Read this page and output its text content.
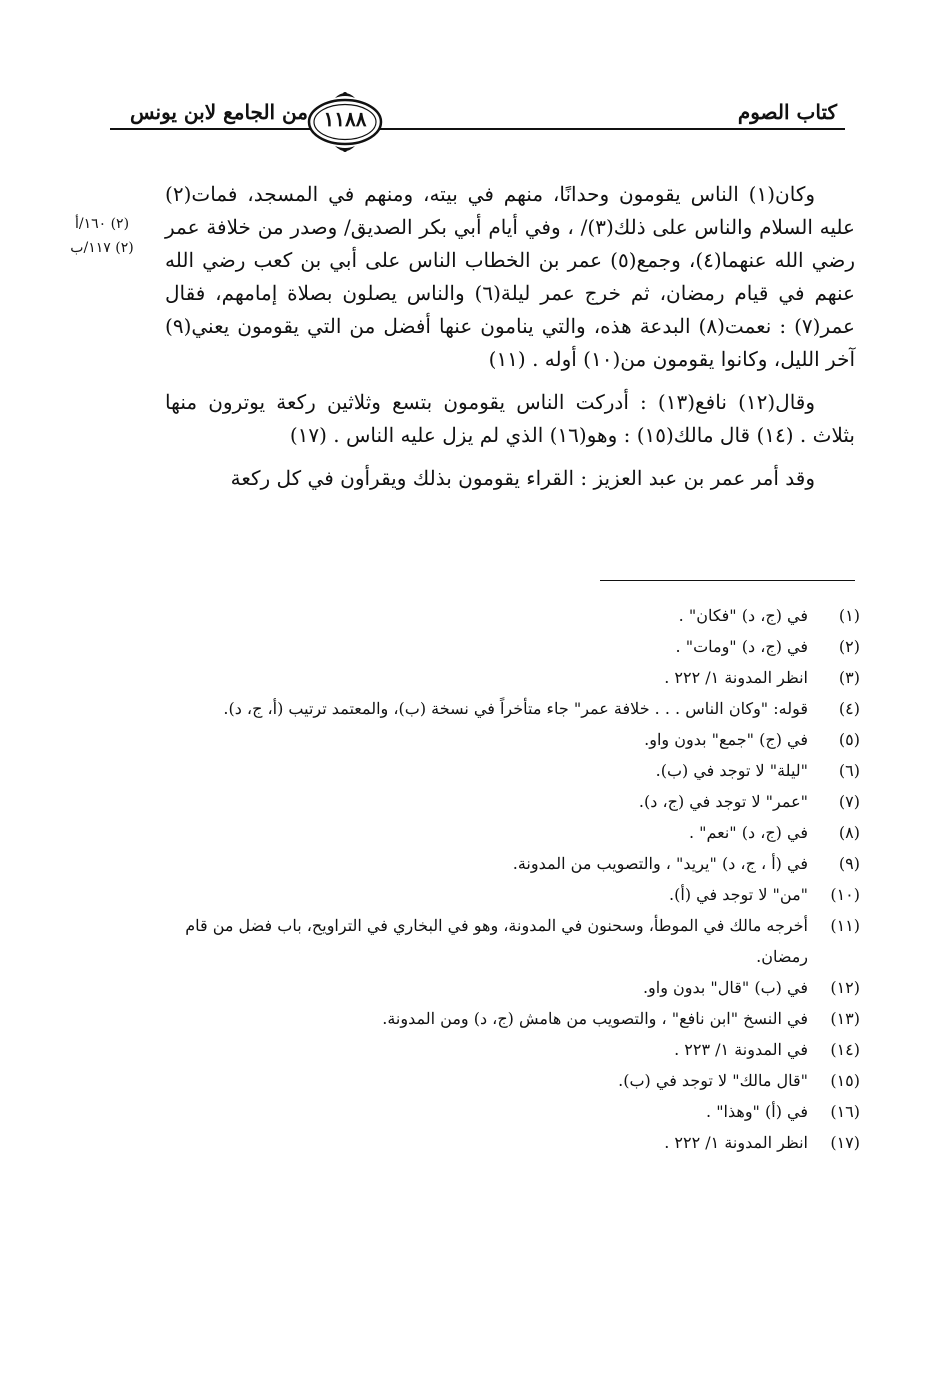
كتاب الصوم
من الجامع لابن يونس ١١٨٨
(٢) ١٦٠/أ
(٢) ١١٧/ب

وكان(١) الناس يقومون وحدانًا، منهم في بيته، ومنهم في المسجد، فمات(٢) عليه السلام والناس على ذلك(٣)/ ، وفي أيام أبي بكر الصديق/ وصدر من خلافة عمر رضي الله عنهما(٤)، وجمع(٥) عمر بن الخطاب الناس على أبي بن كعب رضي الله عنهم في قيام رمضان، ثم خرج عمر ليلة(٦) والناس يصلون بصلاة إمامهم، فقال عمر(٧) : نعمت(٨) البدعة هذه، والتي ينامون عنها أفضل من التي يقومون يعني(٩) آخر الليل، وكانوا يقومون من(١٠) أوله . (١١)

وقال(١٢) نافع(١٣) : أدركت الناس يقومون بتسع وثلاثين ركعة يوترون منها بثلاث . (١٤) قال مالك(١٥) : وهو(١٦) الذي لم يزل عليه الناس . (١٧)

وقد أمر عمر بن عبد العزيز : القراء يقومون بذلك ويقرأون في كل ركعة

(١)
في (ج، د) "فكان" .
(٢)
في (ج، د) "ومات" .
(٣)
انظر المدونة ١/ ٢٢٢ .
(٤)
قوله: "وكان الناس . . . خلافة عمر" جاء متأخراً في نسخة (ب)، والمعتمد ترتيب (أ، ج، د).
(٥)
في (ج) "جمع" بدون واو.
(٦)
"ليلة" لا توجد في (ب).
(٧)
"عمر" لا توجد في (ج، د).
(٨)
في (ج، د) "نعم" .
(٩)
في (أ ، ج، د) "يريد" ، والتصويب من المدونة.
(١٠)
"من" لا توجد في (أ).
(١١)
أخرجه مالك في الموطأ، وسحنون في المدونة، وهو في البخاري في التراويح، باب فضل من قام رمضان.
(١٢)
في (ب) "قال" بدون واو.
(١٣)
في النسخ "ابن نافع" ، والتصويب من هامش (ج، د) ومن المدونة.
(١٤)
في المدونة ١/ ٢٢٣ .
(١٥)
"قال مالك" لا توجد في (ب).
(١٦)
في (أ) "وهذا" .
(١٧)
انظر المدونة ١/ ٢٢٢ .
